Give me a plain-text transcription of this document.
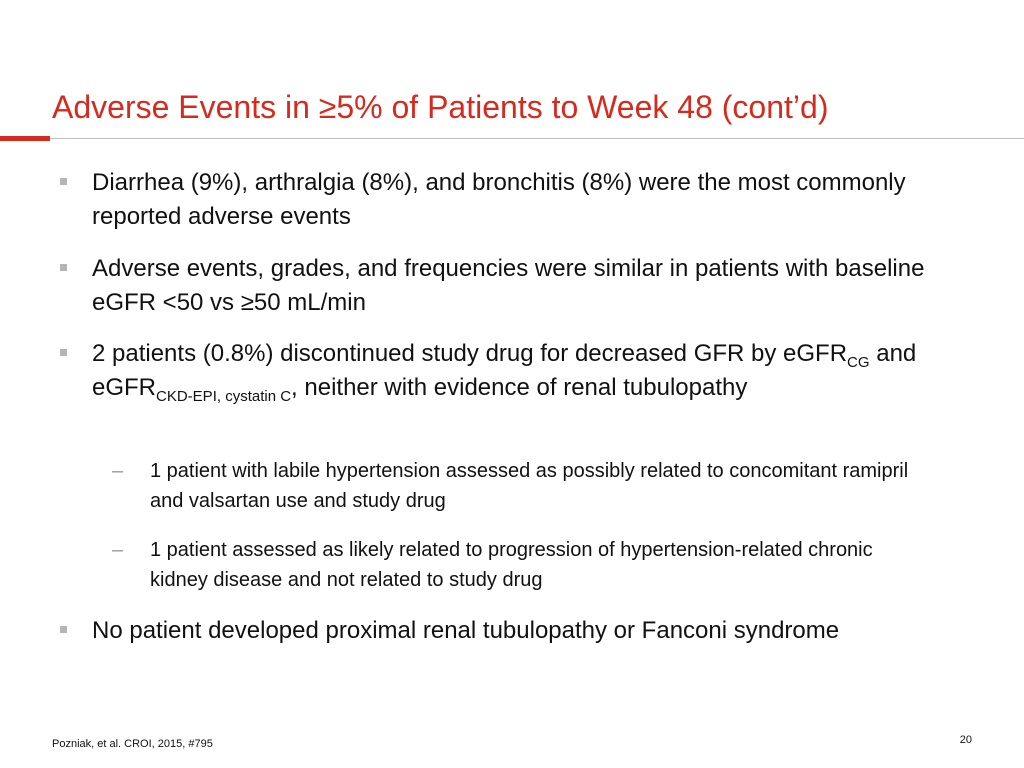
Adverse Events in ≥5% of Patients to Week 48 (cont’d)
Diarrhea (9%), arthralgia (8%), and bronchitis (8%) were the most commonly reported adverse events
Adverse events, grades, and frequencies were similar in patients with baseline eGFR <50 vs ≥50 mL/min
2 patients (0.8%) discontinued study drug for decreased GFR by eGFR$_{CG}$ and eGFR$_{CKD-EPI, cystatin C}$, neither with evidence of renal tubulopathy
– 1 patient with labile hypertension assessed as possibly related to concomitant ramipril and valsartan use and study drug
– 1 patient assessed as likely related to progression of hypertension-related chronic kidney disease and not related to study drug
No patient developed proximal renal tubulopathy or Fanconi syndrome
Pozniak, et al. CROI, 2015, #795	20
